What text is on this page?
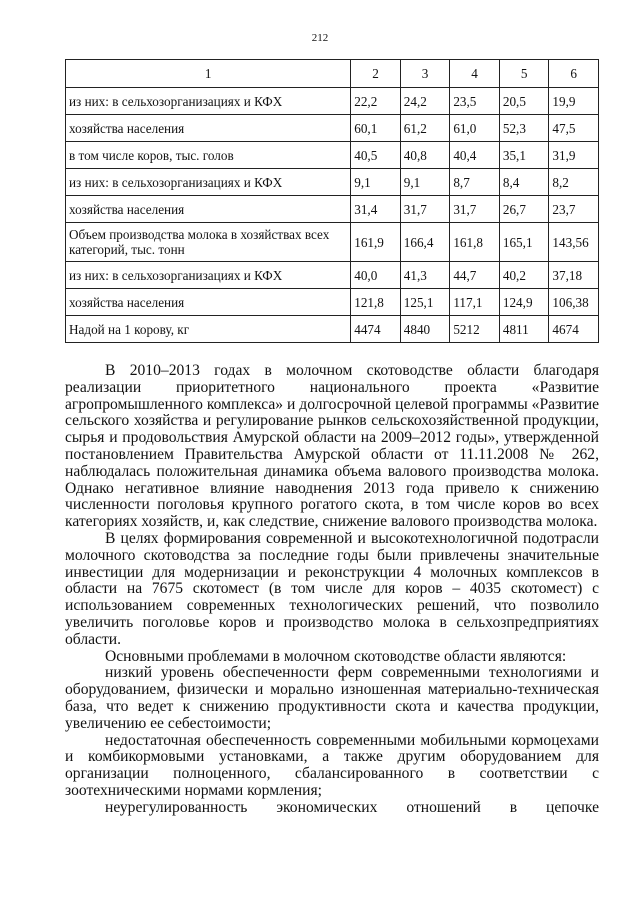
212
1	2	3	4	5	6
из них: в сельхозорганизациях и КФХ	22,2	24,2	23,5	20,5	19,9
хозяйства населения	60,1	61,2	61,0	52,3	47,5
в том числе коров, тыс. голов	40,5	40,8	40,4	35,1	31,9
из них: в сельхозорганизациях и КФХ	9,1	9,1	8,7	8,4	8,2
хозяйства населения	31,4	31,7	31,7	26,7	23,7
Объем производства молока в хозяйствах всех категорий, тыс. тонн	161,9	166,4	161,8	165,1	143,56
из них: в сельхозорганизациях и КФХ	40,0	41,3	44,7	40,2	37,18
хозяйства населения	121,8	125,1	117,1	124,9	106,38
Надой на 1 корову, кг	4474	4840	5212	4811	4674

В 2010–2013 годах в молочном скотоводстве области благодаря реализации приоритетного национального проекта «Развитие агропромышленного комплекса» и долгосрочной целевой программы «Развитие сельского хозяйства и регулирование рынков сельскохозяйственной продукции, сырья и продовольствия Амурской области на 2009–2012 годы», утвержденной постановлением Правительства Амурской области от 11.11.2008 № 262, наблюдалась положительная динамика объема валового производства молока. Однако негативное влияние наводнения 2013 года привело к снижению численности поголовья крупного рогатого скота, в том числе коров во всех категориях хозяйств, и, как следствие, снижение валового производства молока.

В целях формирования современной и высокотехнологичной подотрасли молочного скотоводства за последние годы были привлечены значительные инвестиции для модернизации и реконструкции 4 молочных комплексов в области на 7675 скотомест (в том числе для коров – 4035 скотомест) с использованием современных технологических решений, что позволило увеличить поголовье коров и производство молока в сельхозпредприятиях области.

Основными проблемами в молочном скотоводстве области являются:

низкий уровень обеспеченности ферм современными технологиями и оборудованием, физически и морально изношенная материально-техническая база, что ведет к снижению продуктивности скота и качества продукции, увеличению ее себестоимости;

недостаточная обеспеченность современными мобильными кормоцехами и комбикормовыми установками, а также другим оборудованием для организации полноценного, сбалансированного в соответствии с зоотехническими нормами кормления;

неурегулированность экономических отношений в цепочке
